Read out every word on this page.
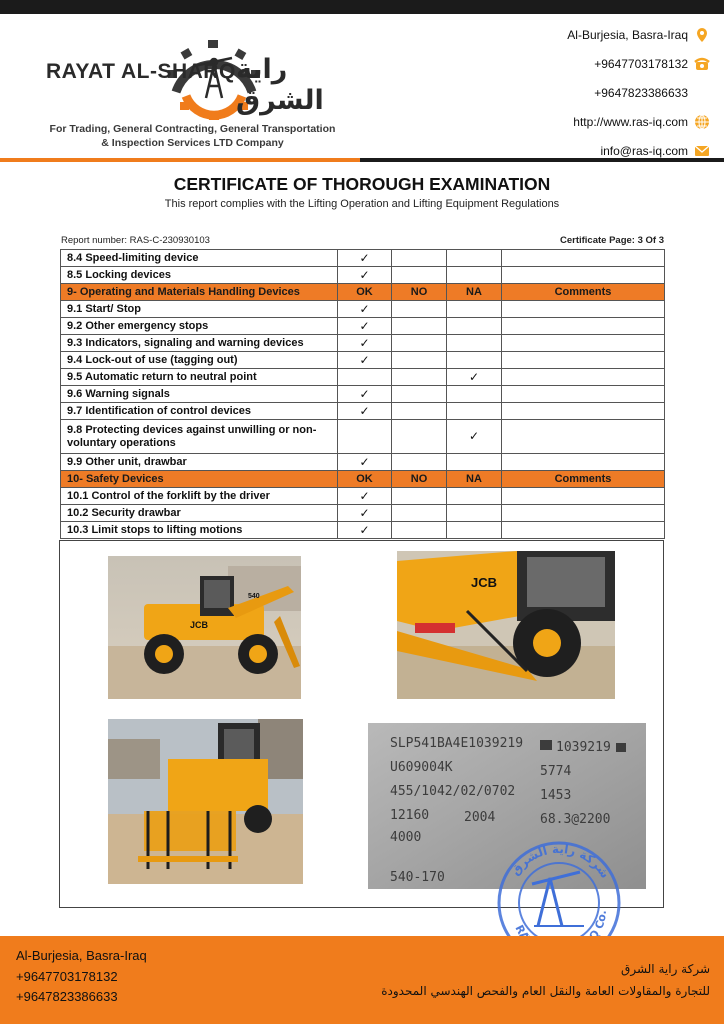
RAYAT AL-SHARQ راية الشرق
For Trading, General Contracting, General Transportation
& Inspection Services LTD Company
Al-Burjesia, Basra-Iraq
+9647703178132
+9647823386633
http://www.ras-iq.com
info@ras-iq.com
CERTIFICATE OF THOROUGH EXAMINATION
This report complies with the Lifting Operation and Lifting Equipment Regulations
Report number: RAS-C-230930103	Certificate Page: 3 Of 3
8.4 Speed-limiting device	✓			
8.5 Locking devices	✓			
9- Operating and Materials Handling Devices	OK	NO	NA	Comments
9.1 Start/ Stop	✓			
9.2 Other emergency stops	✓			
9.3 Indicators, signaling and warning devices	✓			
9.4 Lock-out of use (tagging out)	✓			
9.5 Automatic return to neutral point			✓	
9.6 Warning signals	✓			
9.7 Identification of control devices	✓			
9.8 Protecting devices against unwilling or non-voluntary operations			✓	
9.9 Other unit, drawbar	✓			
10- Safety Devices	OK	NO	NA	Comments
10.1 Control of the forklift by the driver	✓			
10.2 Security drawbar	✓			
10.3 Limit stops to lifting motions	✓			
JCB
540
JCB
SLP541BA4E1039219	1039219
U609004K	5774
455/1042/02/0702 1453
12160	2004	68.3@2200
4000
540-170	شركة راية الشرق
R Co.
Al-Burjesia, Basra-Iraq
+9647703178132
+9647823386633
شركة راية الشرق
للتجارة والمقاولات العامة والنقل العام والفحص الهندسي المحدودة
